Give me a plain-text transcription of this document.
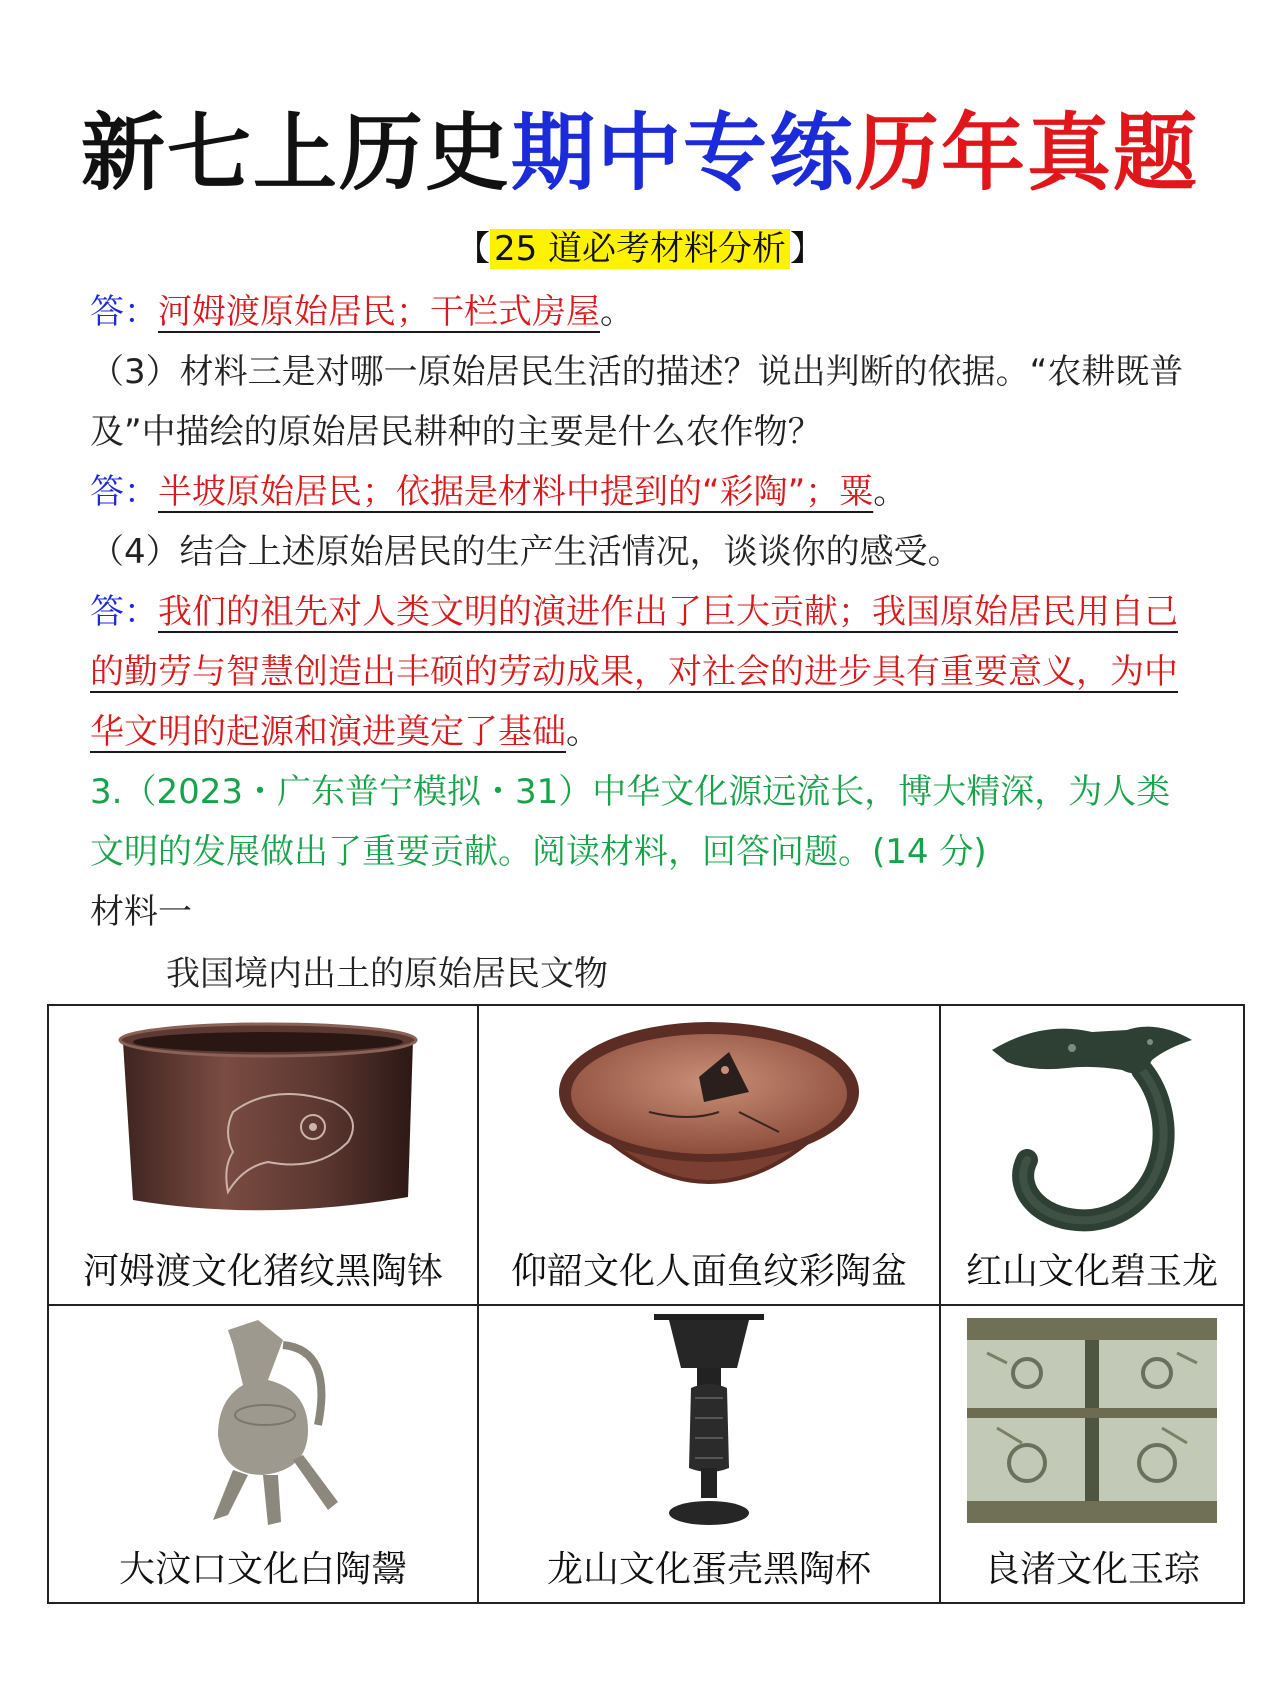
新七上历史期中专练历年真题
【 25 道必考材料分析 】
答：河姆渡原始居民；干栏式房屋。
（3）材料三是对哪一原始居民生活的描述？说出判断的依据。“农耕既普及”中描绘的原始居民耕种的主要是什么农作物？
答：半坡原始居民；依据是材料中提到的“彩陶”；粟。
（4）结合上述原始居民的生产生活情况，谈谈你的感受。
答：我们的祖先对人类文明的演进作出了巨大贡献；我国原始居民用自己的勤劳与智慧创造出丰硕的劳动成果，对社会的进步具有重要意义，为中华文明的起源和演进奠定了基础。
3.（2023・广东普宁模拟・31）中华文化源远流长，博大精深，为人类文明的发展做出了重要贡献。阅读材料，回答问题。(14 分)
材料一
我国境内出土的原始居民文物
河姆渡文化猪纹黑陶钵	仰韶文化人面鱼纹彩陶盆	红山文化碧玉龙
大汶口文化白陶鬶	龙山文化蛋壳黑陶杯	良渚文化玉琮
